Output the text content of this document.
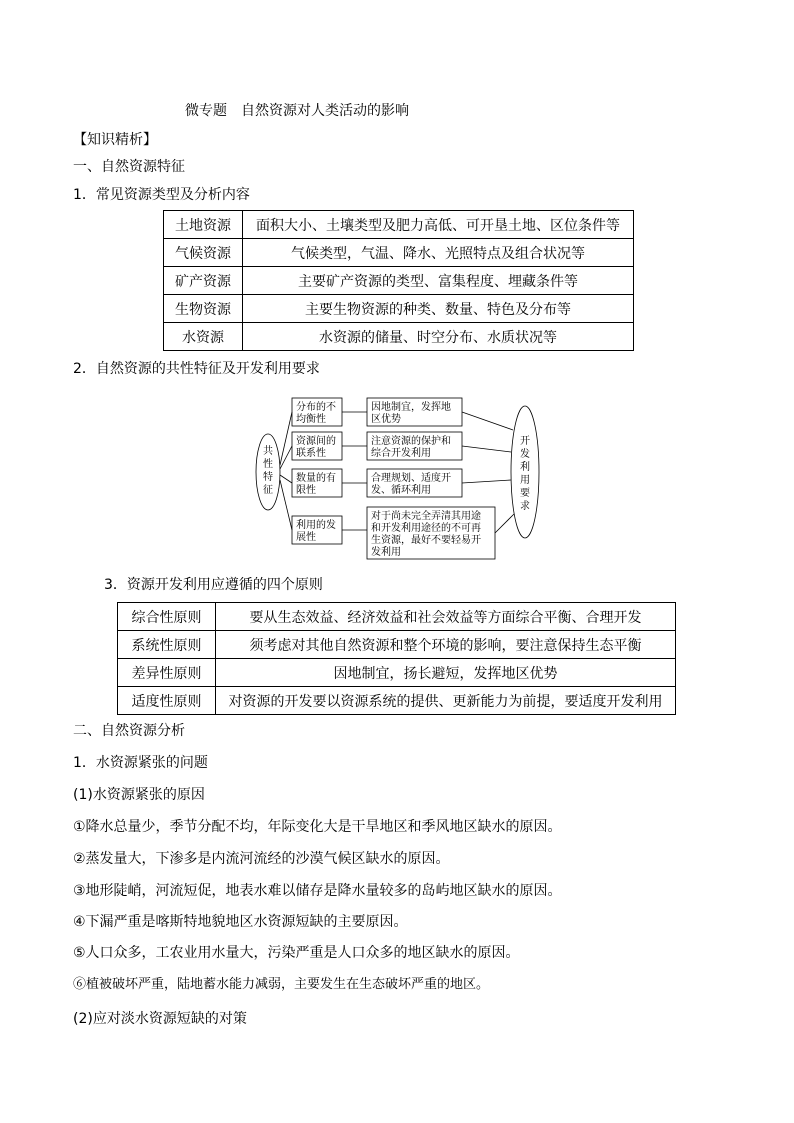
微专题　自然资源对人类活动的影响
【知识精析】
一、自然资源特征
1．常见资源类型及分析内容
土地资源	面积大小、土壤类型及肥力高低、可开垦土地、区位条件等
气候资源	气候类型，气温、降水、光照特点及组合状况等
矿产资源	主要矿产资源的类型、富集程度、埋藏条件等
生物资源	主要生物资源的种类、数量、特色及分布等
水资源	水资源的储量、时空分布、水质状况等
2．自然资源的共性特征及开发利用要求
共
性
特
征
开
发
利
用
要
求
分布的不
均衡性
资源间的
联系性
数量的有
限性
利用的发
展性
因地制宜，发挥地
区优势
注意资源的保护和
综合开发利用
合理规划、适度开
发、循环利用
对于尚未完全弄清其用途
和开发利用途径的不可再
生资源，最好不要轻易开
发利用
3．资源开发利用应遵循的四个原则
综合性原则	要从生态效益、经济效益和社会效益等方面综合平衡、合理开发
系统性原则	须考虑对其他自然资源和整个环境的影响，要注意保持生态平衡
差异性原则	因地制宜，扬长避短，发挥地区优势
适度性原则	对资源的开发要以资源系统的提供、更新能力为前提，要适度开发利用
二、自然资源分析
1．水资源紧张的问题
(1)水资源紧张的原因
①降水总量少，季节分配不均，年际变化大是干旱地区和季风地区缺水的原因。
②蒸发量大，下渗多是内流河流经的沙漠气候区缺水的原因。
③地形陡峭，河流短促，地表水难以储存是降水量较多的岛屿地区缺水的原因。
④下漏严重是喀斯特地貌地区水资源短缺的主要原因。
⑤人口众多，工农业用水量大，污染严重是人口众多的地区缺水的原因。
⑥植被破坏严重，陆地蓄水能力减弱，主要发生在生态破坏严重的地区。
(2)应对淡水资源短缺的对策
